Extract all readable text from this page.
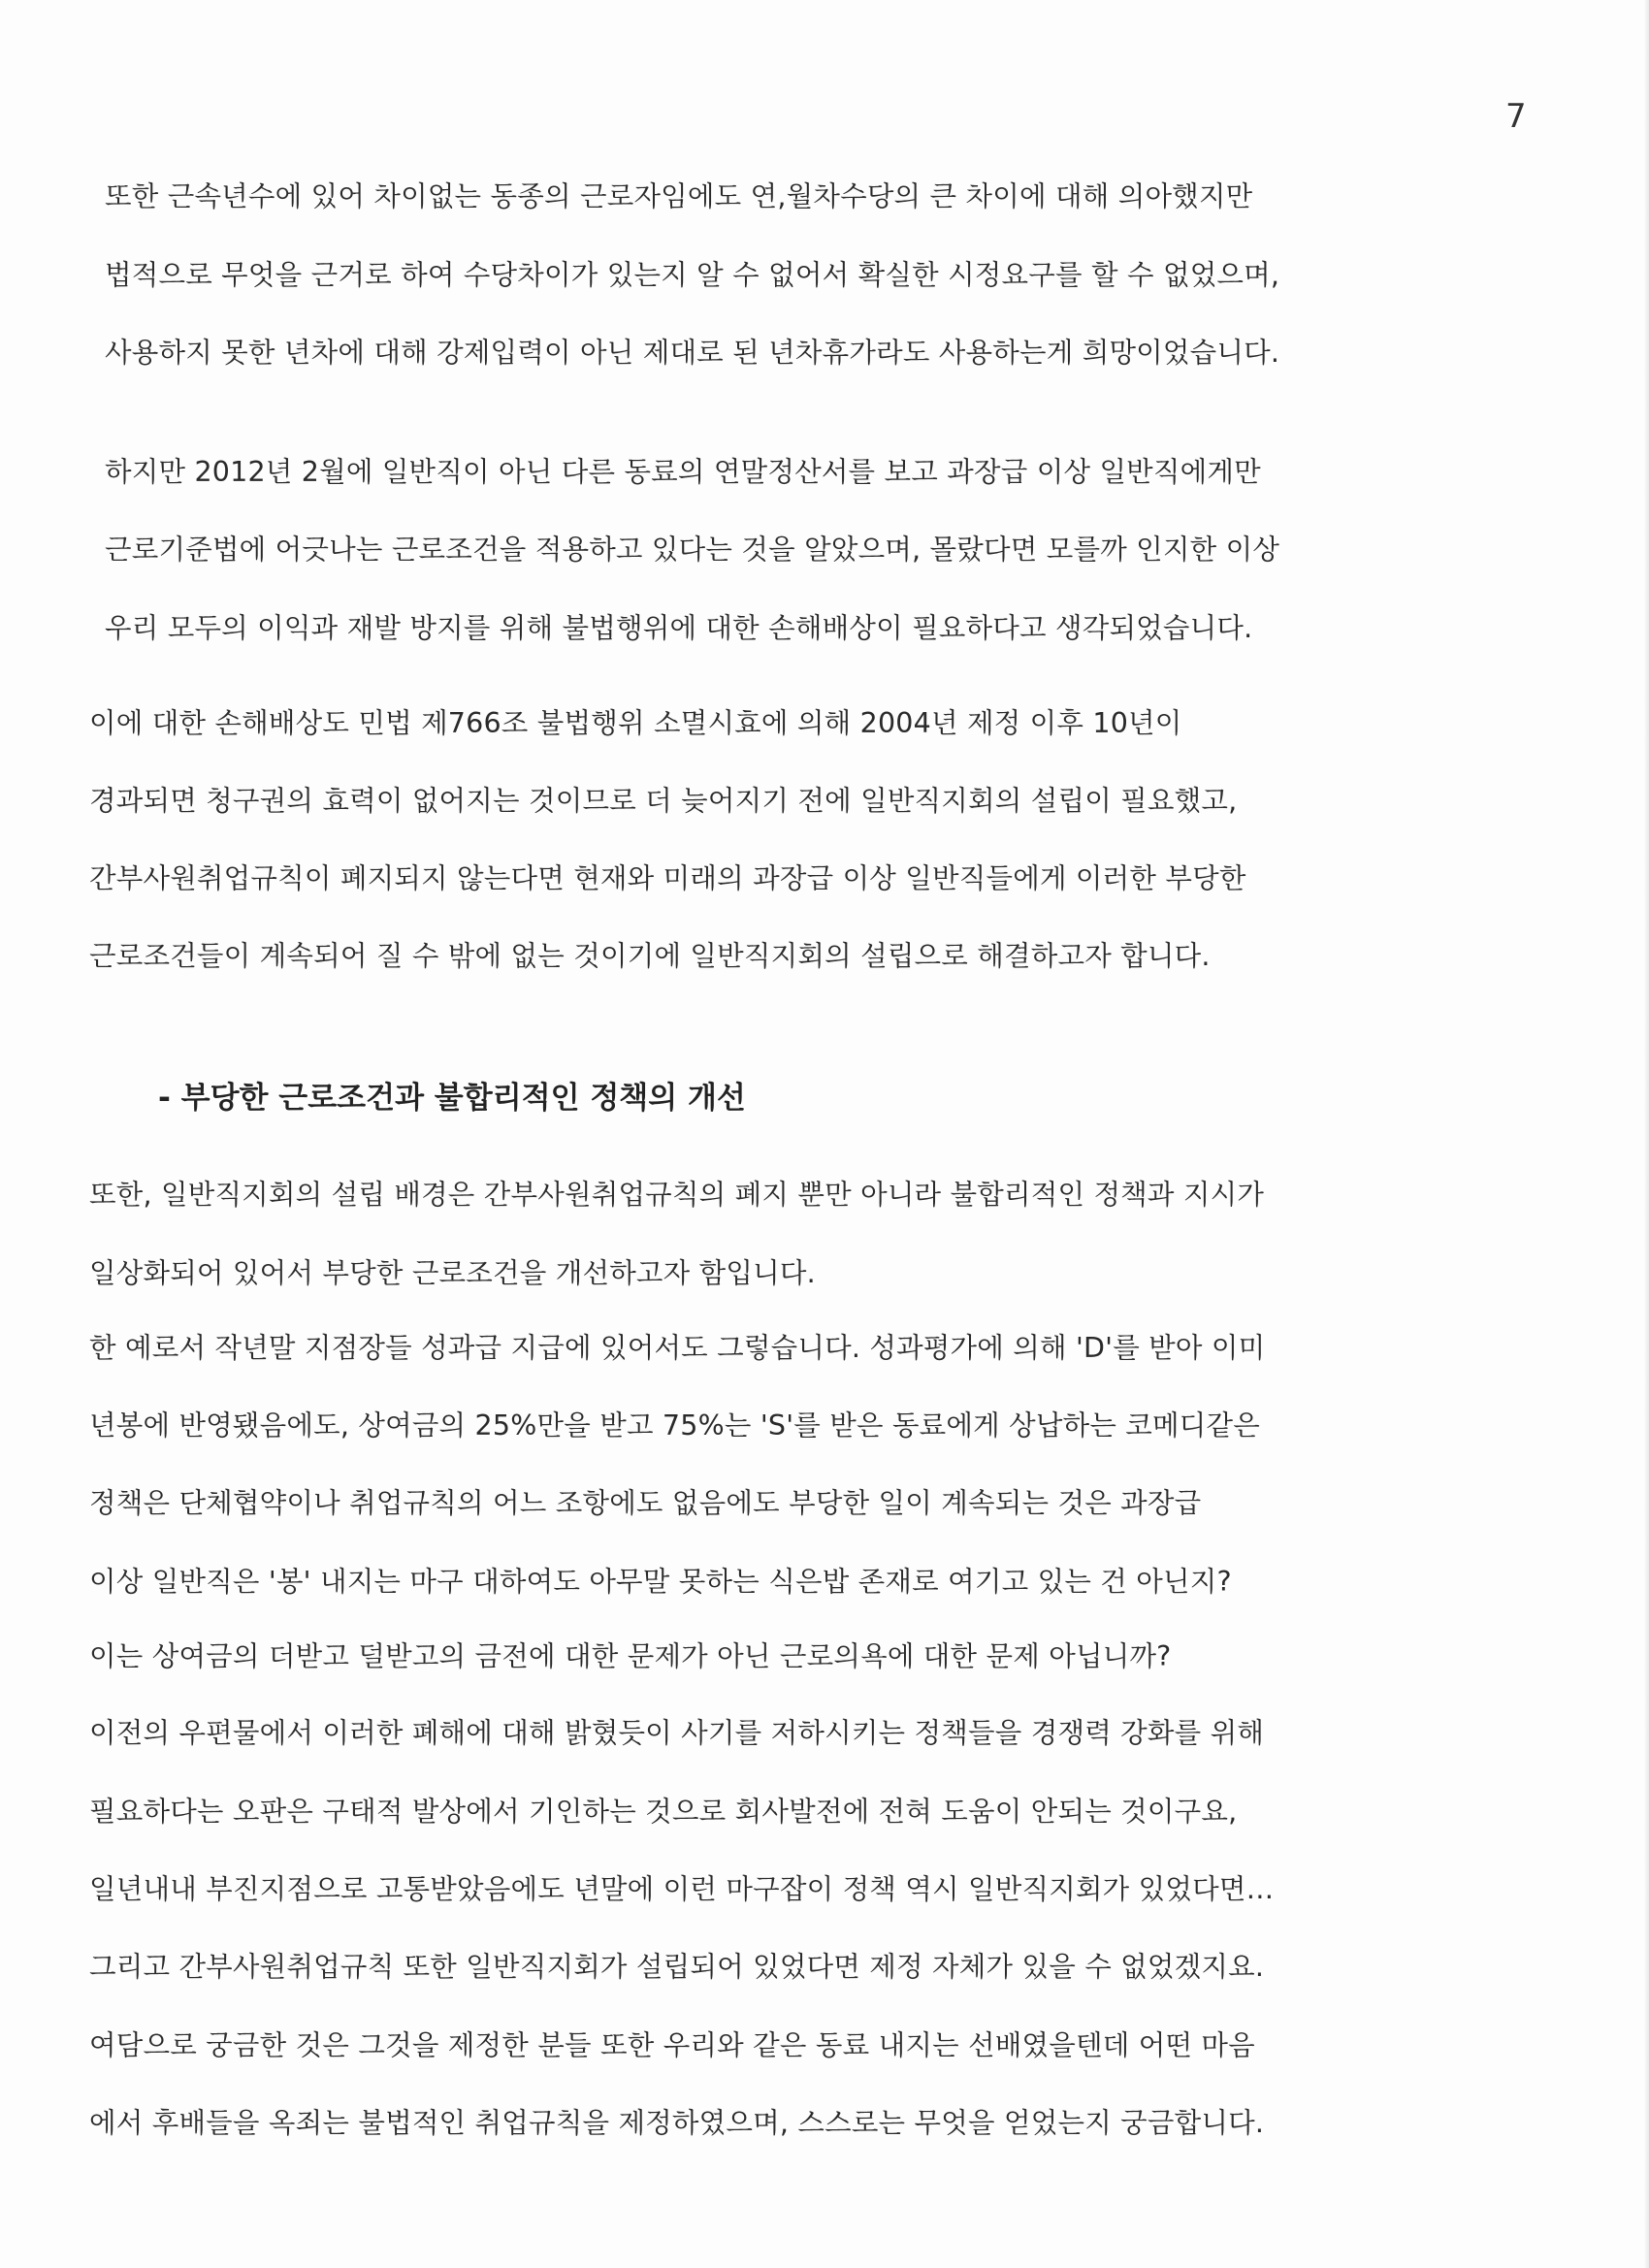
7
또한 근속년수에 있어 차이없는 동종의 근로자임에도 연,월차수당의 큰 차이에 대해 의아했지만
법적으로 무엇을 근거로 하여 수당차이가 있는지 알 수 없어서 확실한 시정요구를 할 수 없었으며,
사용하지 못한 년차에 대해 강제입력이 아닌 제대로 된 년차휴가라도 사용하는게 희망이었습니다.
하지만 2012년 2월에 일반직이 아닌 다른 동료의 연말정산서를 보고 과장급 이상 일반직에게만
근로기준법에 어긋나는 근로조건을 적용하고 있다는 것을 알았으며, 몰랐다면 모를까 인지한 이상
우리 모두의 이익과 재발 방지를 위해 불법행위에 대한 손해배상이 필요하다고 생각되었습니다.
이에 대한 손해배상도 민법 제766조 불법행위 소멸시효에 의해 2004년 제정 이후 10년이
경과되면 청구권의 효력이 없어지는 것이므로 더 늦어지기 전에 일반직지회의 설립이 필요했고,
간부사원취업규칙이 폐지되지 않는다면 현재와 미래의 과장급 이상 일반직들에게 이러한 부당한
근로조건들이 계속되어 질 수 밖에 없는 것이기에 일반직지회의 설립으로 해결하고자 합니다.
- 부당한 근로조건과 불합리적인 정책의 개선
또한, 일반직지회의 설립 배경은 간부사원취업규칙의 폐지 뿐만 아니라 불합리적인 정책과 지시가
일상화되어 있어서 부당한 근로조건을 개선하고자 함입니다.
한 예로서 작년말 지점장들 성과급 지급에 있어서도 그렇습니다. 성과평가에 의해 'D'를 받아 이미
년봉에 반영됐음에도, 상여금의 25%만을 받고 75%는 'S'를 받은 동료에게 상납하는 코메디같은
정책은 단체협약이나 취업규칙의 어느 조항에도 없음에도 부당한 일이 계속되는 것은 과장급
이상 일반직은 '봉' 내지는 마구 대하여도 아무말 못하는 식은밥 존재로 여기고 있는 건 아닌지?
이는 상여금의 더받고 덜받고의 금전에 대한 문제가 아닌 근로의욕에 대한 문제 아닙니까?
이전의 우편물에서 이러한 폐해에 대해 밝혔듯이 사기를 저하시키는 정책들을 경쟁력 강화를 위해
필요하다는 오판은 구태적 발상에서 기인하는 것으로 회사발전에 전혀 도움이 안되는 것이구요,
일년내내 부진지점으로 고통받았음에도 년말에 이런 마구잡이 정책 역시 일반직지회가 있었다면…
그리고 간부사원취업규칙 또한 일반직지회가 설립되어 있었다면 제정 자체가 있을 수 없었겠지요.
여담으로 궁금한 것은 그것을 제정한 분들 또한 우리와 같은 동료 내지는 선배였을텐데 어떤 마음
에서 후배들을 옥죄는 불법적인 취업규칙을 제정하였으며, 스스로는 무엇을 얻었는지 궁금합니다.
